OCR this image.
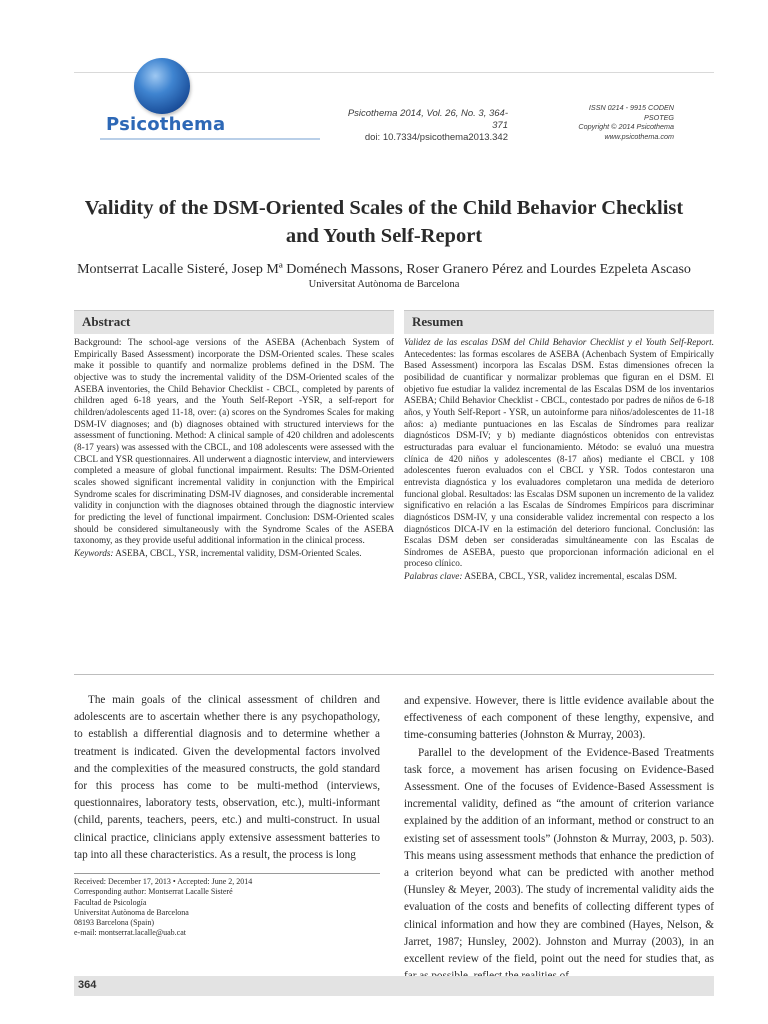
Psicothema
Psicothema 2014, Vol. 26, No. 3, 364-371
doi: 10.7334/psicothema2013.342
ISSN 0214 - 9915 CODEN PSOTEG
Copyright © 2014 Psicothema
www.psicothema.com
Validity of the DSM-Oriented Scales of the Child Behavior Checklist
and Youth Self-Report
Montserrat Lacalle Sisteré, Josep Mª Doménech Massons, Roser Granero Pérez and Lourdes Ezpeleta Ascaso
Universitat Autònoma de Barcelona
Abstract	Resumen

Background: The school-age versions of the ASEBA (Achenbach System of Empirically Based Assessment) incorporate the DSM-Oriented scales. These scales make it possible to quantify and normalize problems defined in the DSM. The objective was to study the incremental validity of the DSM-Oriented scales of the ASEBA inventories, the Child Behavior Checklist - CBCL, completed by parents of children aged 6-18 years, and the Youth Self-Report -YSR, a self-report for children/adolescents aged 11-18, over: (a) scores on the Syndromes Scales for making DSM-IV diagnoses; and (b) diagnoses obtained with structured interviews for the assessment of functioning. Method: A clinical sample of 420 children and adolescents (8-17 years) was assessed with the CBCL, and 108 adolescents were assessed with the CBCL and YSR questionnaires. All underwent a diagnostic interview, and interviewers completed a measure of global functional impairment. Results: The DSM-Oriented scales showed significant incremental validity in conjunction with the Empirical Syndrome scales for discriminating DSM-IV diagnoses, and considerable incremental validity in conjunction with the diagnoses obtained through the diagnostic interview for predicting the level of functional impairment. Conclusion: DSM-Oriented scales should be considered simultaneously with the Syndrome Scales of the ASEBA taxonomy, as they provide useful additional information in the clinical process.

Keywords: ASEBA, CBCL, YSR, incremental validity, DSM-Oriented Scales.

Validez de las escalas DSM del Child Behavior Checklist y el Youth Self-Report. Antecedentes: las formas escolares de ASEBA (Achenbach System of Empirically Based Assessment) incorpora las Escalas DSM. Estas dimensiones ofrecen la posibilidad de cuantificar y normalizar problemas que figuran en el DSM. El objetivo fue estudiar la validez incremental de las Escalas DSM de los inventarios ASEBA; Child Behavior Checklist - CBCL, contestado por padres de niños de 6-18 años, y Youth Self-Report - YSR, un autoinforme para niños/adolescentes de 11-18 años: a) mediante puntuaciones en las Escalas de Síndromes para realizar diagnósticos DSM-IV; y b) mediante diagnósticos obtenidos con entrevistas estructuradas para evaluar el funcionamiento. Método: se evaluó una muestra clínica de 420 niños y adolescentes (8-17 años) mediante el CBCL y 108 adolescentes fueron evaluados con el CBCL y YSR. Todos contestaron una entrevista diagnóstica y los evaluadores completaron una medida de deterioro funcional global. Resultados: las Escalas DSM suponen un incremento de la validez significativo en relación a las Escalas de Síndromes Empíricos para discriminar diagnósticos DSM-IV, y una considerable validez incremental con respecto a los diagnósticos DICA-IV en la estimación del deterioro funcional. Conclusión: las Escalas DSM deben ser consideradas simultáneamente con las Escalas de Síndromes de ASEBA, puesto que proporcionan información adicional en el proceso clínico.

Palabras clave: ASEBA, CBCL, YSR, validez incremental, escalas DSM.

The main goals of the clinical assessment of children and adolescents are to ascertain whether there is any psychopathology, to establish a differential diagnosis and to determine whether a treatment is indicated. Given the developmental factors involved and the complexities of the measured constructs, the gold standard for this process has come to be multi-method (interviews, questionnaires, laboratory tests, observation, etc.), multi-informant (child, parents, teachers, peers, etc.) and multi-construct. In usual clinical practice, clinicians apply extensive assessment batteries to tap into all these characteristics. As a result, the process is long

and expensive. However, there is little evidence available about the effectiveness of each component of these lengthy, expensive, and time-consuming batteries (Johnston & Murray, 2003).

Parallel to the development of the Evidence-Based Treatments task force, a movement has arisen focusing on Evidence-Based Assessment. One of the focuses of Evidence-Based Assessment is incremental validity, defined as “the amount of criterion variance explained by the addition of an informant, method or construct to an existing set of assessment tools” (Johnston & Murray, 2003, p. 503). This means using assessment methods that enhance the prediction of a criterion beyond what can be predicted with another method (Hunsley & Meyer, 2003). The study of incremental validity aids the evaluation of the costs and benefits of collecting different types of clinical information and how they are combined (Hayes, Nelson, & Jarret, 1987; Hunsley, 2002). Johnston and Murray (2003), in an excellent review of the field, point out the need for studies that, as

Received: December 17, 2013 • Accepted: June 2, 2014
Corresponding author: Montserrat Lacalle Sisteré
Facultad de Psicología
Universitat Autònoma de Barcelona
08193 Barcelona (Spain)
e-mail: montserrat.lacalle@uab.cat
364
